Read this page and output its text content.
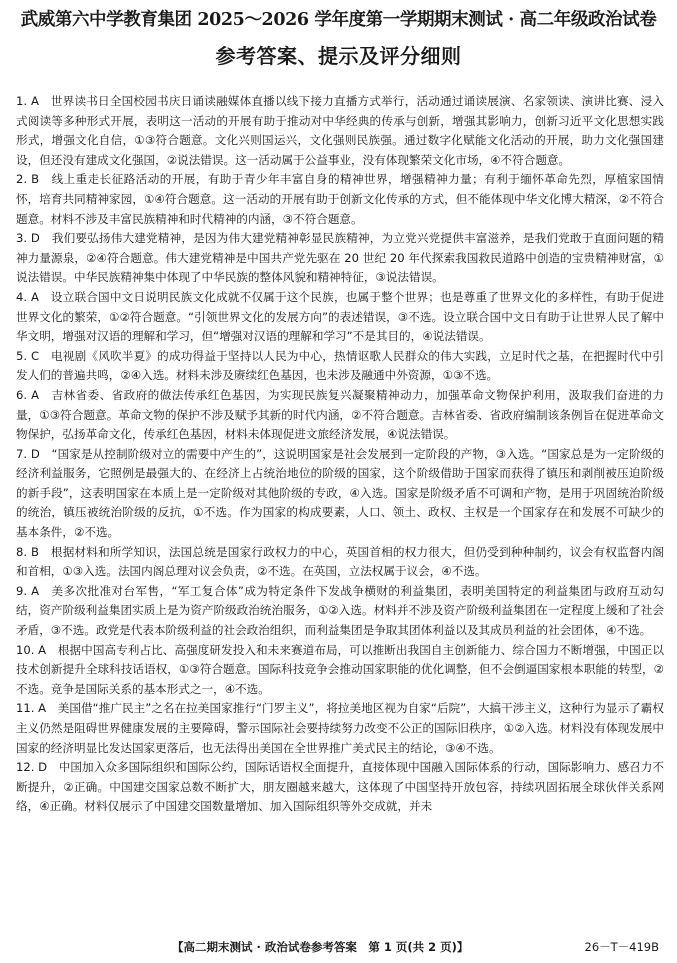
武威第六中学教育集团 2025～2026 学年度第一学期期末测试 · 高二年级政治试卷
参考答案、提示及评分细则
1. A　世界读书日全国校园书庆日诵读融媒体直播以线下接力直播方式举行，活动通过诵读展演、名家领读、演讲比赛、浸入式阅读等多种形式开展，表明这一活动的开展有助于推动对中华经典的传承与创新，增强其影响力，创新习近平文化思想实践形式，增强文化自信，①③符合题意。文化兴则国运兴，文化强则民族强。通过数字化赋能文化活动的开展，助力文化强国建设，但还没有建成文化强国，②说法错误。这一活动属于公益事业，没有体现繁荣文化市场，④不符合题意。
2. B　线上重走长征路活动的开展，有助于青少年丰富自身的精神世界，增强精神力量；有利于缅怀革命先烈，厚植家国情怀，培育共同精神家园，①④符合题意。这一活动的开展有助于创新文化传承的方式，但不能体现中华文化博大精深，②不符合题意。材料不涉及丰富民族精神和时代精神的内涵，③不符合题意。
3. D　我们要弘扬伟大建党精神，是因为伟大建党精神彰显民族精神，为立党兴党提供丰富滋养，是我们党敢于直面问题的精神力量源泉，②④符合题意。伟大建党精神是中国共产党先驱在 20 世纪 20 年代探索我国救民道路中创造的宝贵精神财富，①说法错误。中华民族精神集中体现了中华民族的整体风貌和精神特征，③说法错误。
4. A　设立联合国中文日说明民族文化成就不仅属于这个民族，也属于整个世界；也是尊重了世界文化的多样性，有助于促进世界文化的繁荣，①②符合题意。“引领世界文化的发展方向”的表述错误，③不选。设立联合国中文日有助于让世界人民了解中华文明，增强对汉语的理解和学习，但“增强对汉语的理解和学习”不是其目的，④说法错误。
5. C　电视剧《风吹半夏》的成功得益于坚持以人民为中心，热情讴歌人民群众的伟大实践，立足时代之基，在把握时代中引发人们的普遍共鸣，②④入选。材料未涉及赓续红色基因，也未涉及融通中外资源，①③不选。
6. A　吉林省委、省政府的做法传承红色基因，为实现民族复兴凝聚精神动力，加强革命文物保护利用，汲取我们奋进的力量，①③符合题意。革命文物的保护不涉及赋予其新的时代内涵，②不符合题意。吉林省委、省政府编制该条例旨在促进革命文物保护，弘扬革命文化，传承红色基因，材料未体现促进文旅经济发展，④说法错误。
7. D　“国家是从控制阶级对立的需要中产生的”，这说明国家是社会发展到一定阶段的产物，③入选。“国家总是为一定阶级的经济利益服务，它照例是最强大的、在经济上占统治地位的阶级的国家，这个阶级借助于国家而获得了镇压和剥削被压迫阶级的新手段”，这表明国家在本质上是一定阶级对其他阶级的专政，④入选。国家是阶级矛盾不可调和产物，是用于巩固统治阶级的统治，镇压被统治阶级的反抗，①不选。作为国家的构成要素，人口、领土、政权、主权是一个国家存在和发展不可缺少的基本条件，②不选。
8. B　根据材料和所学知识，法国总统是国家行政权力的中心，英国首相的权力很大，但仍受到种种制约，议会有权监督内阁和首相，①③入选。法国内阁总理对议会负责，②不选。在英国，立法权属于议会，④不选。
9. A　美多次批准对台军售，“军工复合体”成为特定条件下发战争横财的利益集团，表明美国特定的利益集团与政府互动勾结，资产阶级利益集团实质上是为资产阶级政治统治服务，①②入选。材料并不涉及资产阶级利益集团在一定程度上缓和了社会矛盾，③不选。政党是代表本阶级利益的社会政治组织，而利益集团是争取其团体利益以及其成员利益的社会团体，④不选。
10. A　根据中国高专利占比、高强度研发投入和未来赛道布局，可以推断出我国自主创新能力、综合国力不断增强，中国正以技术创新提升全球科技话语权，①③符合题意。国际科技竞争会推动国家职能的优化调整，但不会倒逼国家根本职能的转型，②不选。竞争是国际关系的基本形式之一，④不选。
11. A　美国借“推广民主”之名在拉美国家推行“门罗主义”，将拉美地区视为自家“后院”，大搞干涉主义，这种行为显示了霸权主义仍然是阻碍世界健康发展的主要障碍，警示国际社会要持续努力改变不公正的国际旧秩序，①②入选。材料没有体现发展中国家的经济明显比发达国家更落后，也无法得出美国在全世界推广美式民主的结论，③④不选。
12. D　中国加入众多国际组织和国际公约，国际话语权全面提升，直接体现中国融入国际体系的行动，国际影响力、感召力不断提升，②正确。中国建交国家总数不断扩大，朋友圈越来越大，这体现了中国坚持开放包容，持续巩固拓展全球伙伴关系网络，④正确。材料仅展示了中国建交国数量增加、加入国际组织等外交成就，并未
【高二期末测试 · 政治试卷参考答案　第 1 页(共 2 页)】	26－T－419B
